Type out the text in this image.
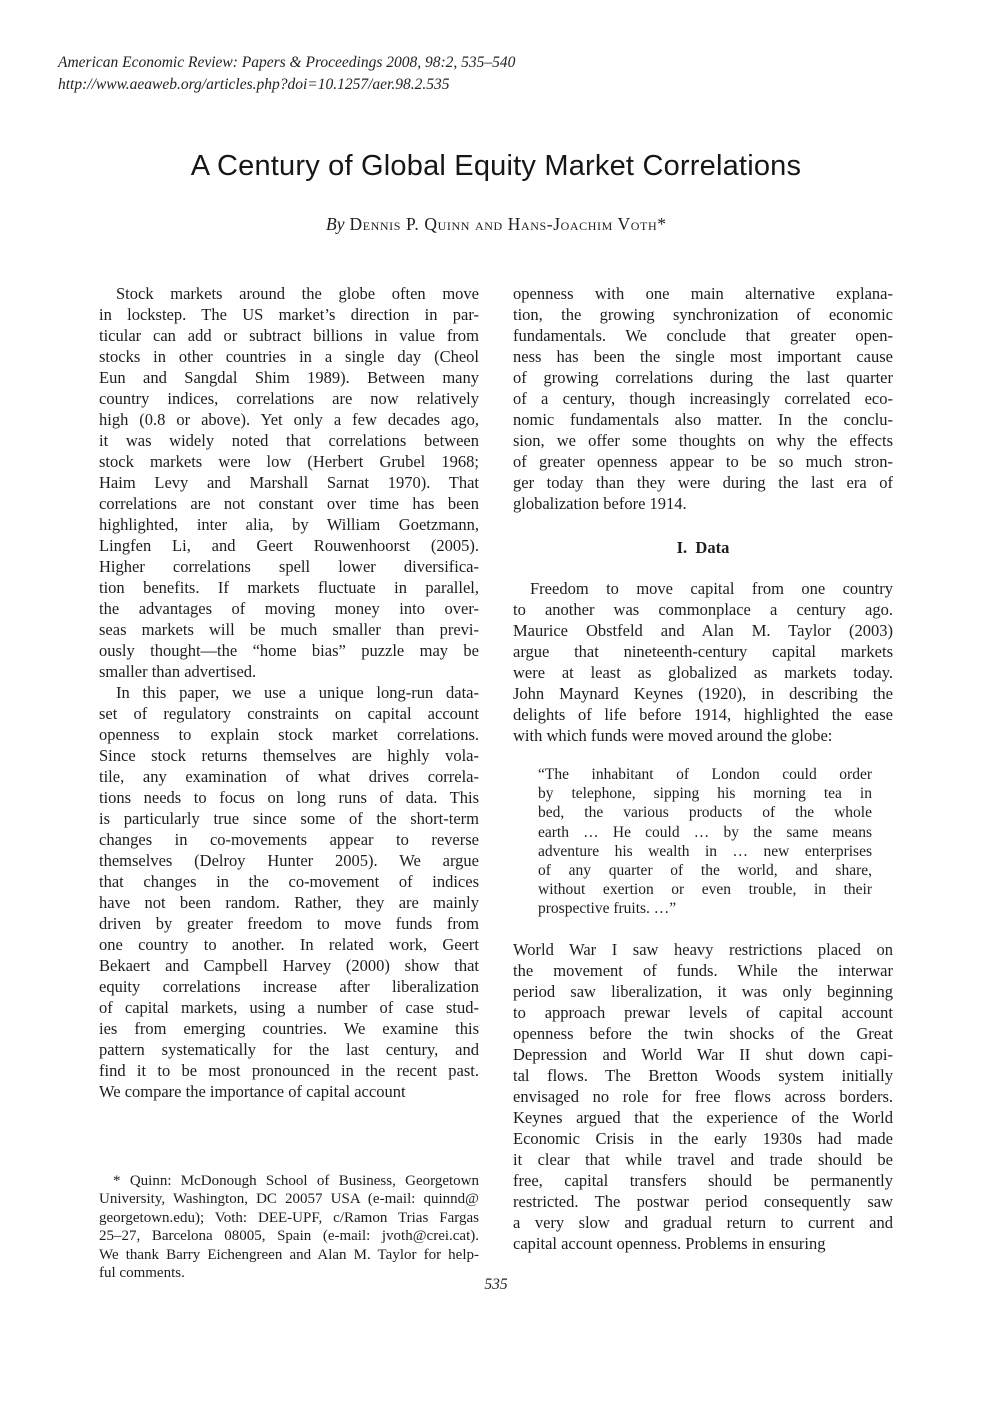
American Economic Review: Papers & Proceedings 2008, 98:2, 535–540
http://www.aeaweb.org/articles.php?doi=10.1257/aer.98.2.535
A Century of Global Equity Market Correlations
By Dennis P. Quinn and Hans-Joachim Voth*
Stock markets around the globe often move
in lockstep. The US market’s direction in par-
ticular can add or subtract billions in value from
stocks in other countries in a single day (Cheol
Eun and Sangdal Shim 1989). Between many
country indices, correlations are now relatively
high (0.8 or above). Yet only a few decades ago,
it was widely noted that correlations between
stock markets were low (Herbert Grubel 1968;
Haim Levy and Marshall Sarnat 1970). That
correlations are not constant over time has been
highlighted, inter alia, by William Goetzmann,
Lingfen Li, and Geert Rouwenhoorst (2005).
Higher correlations spell lower diversifica-
tion benefits. If markets fluctuate in parallel,
the advantages of moving money into over-
seas markets will be much smaller than previ-
ously thought—the “home bias” puzzle may be
smaller than advertised.
In this paper, we use a unique long-run data-
set of regulatory constraints on capital account
openness to explain stock market correlations.
Since stock returns themselves are highly vola-
tile, any examination of what drives correla-
tions needs to focus on long runs of data. This
is particularly true since some of the short-term
changes in co-movements appear to reverse
themselves (Delroy Hunter 2005). We argue
that changes in the co-movement of indices
have not been random. Rather, they are mainly
driven by greater freedom to move funds from
one country to another. In related work, Geert
Bekaert and Campbell Harvey (2000) show that
equity correlations increase after liberalization
of capital markets, using a number of case stud-
ies from emerging countries. We examine this
pattern systematically for the last century, and
find it to be most pronounced in the recent past.
We compare the importance of capital account
* Quinn: McDonough School of Business, Georgetown
University, Washington, DC 20057 USA (e-mail: quinnd@
georgetown.edu); Voth: DEE-UPF, c/Ramon Trias Fargas
25–27, Barcelona 08005, Spain (e-mail: jvoth@crei.cat).
We thank Barry Eichengreen and Alan M. Taylor for help-
ful comments.
openness with one main alternative explana-
tion, the growing synchronization of economic
fundamentals. We conclude that greater open-
ness has been the single most important cause
of growing correlations during the last quarter
of a century, though increasingly correlated eco-
nomic fundamentals also matter. In the conclu-
sion, we offer some thoughts on why the effects
of greater openness appear to be so much stron-
ger today than they were during the last era of
globalization before 1914.
I. Data
Freedom to move capital from one country
to another was commonplace a century ago.
Maurice Obstfeld and Alan M. Taylor (2003)
argue that nineteenth-century capital markets
were at least as globalized as markets today.
John Maynard Keynes (1920), in describing the
delights of life before 1914, highlighted the ease
with which funds were moved around the globe:
“The inhabitant of London could order
by telephone, sipping his morning tea in
bed, the various products of the whole
earth … He could … by the same means
adventure his wealth in … new enterprises
of any quarter of the world, and share,
without exertion or even trouble, in their
prospective fruits. …”
World War I saw heavy restrictions placed on
the movement of funds. While the interwar
period saw liberalization, it was only beginning
to approach prewar levels of capital account
openness before the twin shocks of the Great
Depression and World War II shut down capi-
tal flows. The Bretton Woods system initially
envisaged no role for free flows across borders.
Keynes argued that the experience of the World
Economic Crisis in the early 1930s had made
it clear that while travel and trade should be
free, capital transfers should be permanently
restricted. The postwar period consequently saw
a very slow and gradual return to current and
capital account openness. Problems in ensuring
535
